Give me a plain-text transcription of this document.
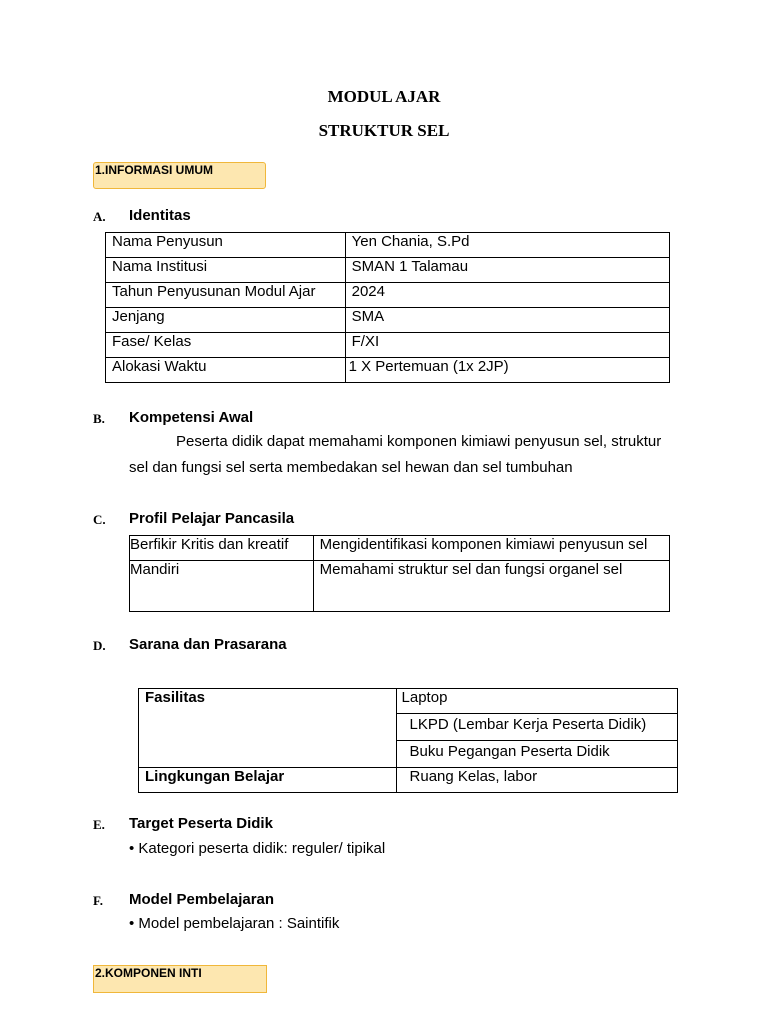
MODUL AJAR
STRUKTUR SEL
1.INFORMASI UMUM
A. Identitas
Nama Penyusun	Yen Chania, S.Pd

Nama Institusi	SMAN 1 Talamau

Tahun Penyusunan Modul Ajar	2024

Jenjang	SMA

Fase/ Kelas	F/XI

Alokasi Waktu	1 X Pertemuan (1x 2JP)
B. Kompetensi Awal
Peserta didik dapat memahami komponen kimiawi penyusun sel, struktur
sel dan fungsi sel serta membedakan sel hewan dan sel tumbuhan
C. Profil Pelajar Pancasila
Berfikir Kritis dan kreatif	Mengidentifikasi komponen kimiawi penyusun sel
Mandiri	Memahami struktur sel dan fungsi organel sel
D. Sarana dan Prasarana
Fasilitas	Laptop
	LKPD (Lembar Kerja Peserta Didik)
	Buku Pegangan Peserta Didik
Lingkungan Belajar	Ruang Kelas, labor
E. Target Peserta Didik
• Kategori peserta didik: reguler/ tipikal
F. Model Pembelajaran
• Model pembelajaran : Saintifik
2.KOMPONEN INTI
